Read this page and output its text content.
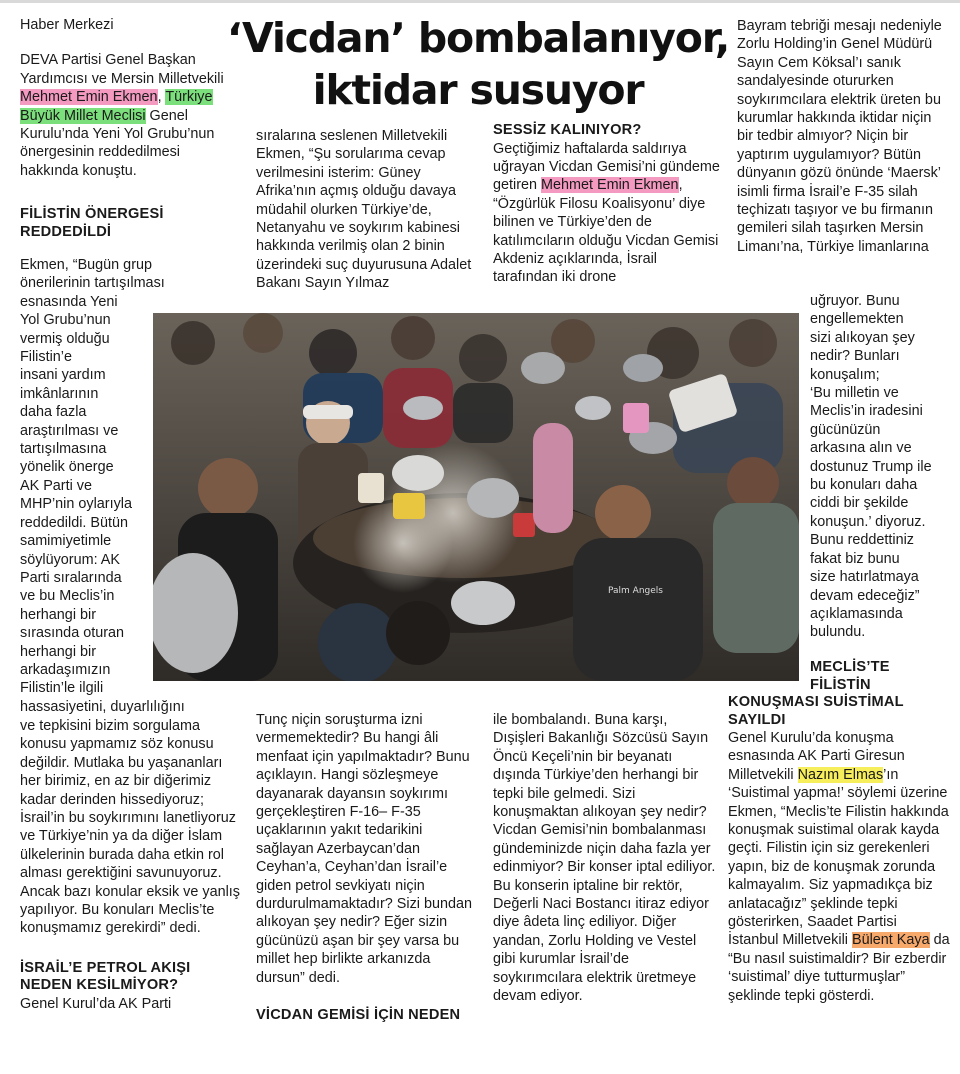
‘Vicdan’ bombalanıyor,
iktidar susuyor

Haber Merkezi

DEVA Partisi Genel Başkan Yardımcısı ve Mersin Milletvekili Mehmet Emin Ekmen, Türkiye Büyük Millet Meclisi Genel Kurulu’nda Yeni Yol Grubu’nun önergesinin reddedilmesi hakkında konuştu.

FİLİSTİN ÖNERGESİ
REDDEDİLDİ

Ekmen, “Bugün grup
önerilerinin tartışılması
esnasında Yeni
Yol Grubu’nun
vermiş olduğu
Filistin’e
insani yardım
imkânlarının
daha fazla
araştırılması ve
tartışılmasına
yönelik önerge
AK Parti ve
MHP’nin oylarıyla
reddedildi. Bütün
samimiyetimle
söylüyorum: AK
Parti sıralarında
ve bu Meclis’in
herhangi bir
sırasında oturan
herhangi bir
arkadaşımızın
Filistin’le ilgili
hassasiyetini, duyarlılığını

ve tepkisini bizim sorgulama konusu yapmamız söz konusu değildir. Mutlaka bu yaşananları her birimiz, en az bir diğerimiz kadar derinden hissediyoruz; İsrail’in bu soykırımını lanetliyoruz ve Türkiye’nin ya da diğer İslam ülkelerinin burada daha etkin rol alması gerektiğini savunuyoruz. Ancak bazı konular eksik ve yanlış yapılıyor. Bu konuları Meclis’te konuşmamız gerekirdi” dedi.

İSRAİL’E PETROL AKIŞI
NEDEN KESİLMİYOR?

Genel Kurul’da AK Parti

sıralarına seslenen Milletvekili Ekmen, “Şu sorularıma cevap verilmesini isterim: Güney Afrika’nın açmış olduğu davaya müdahil olurken Türkiye’de, Netanyahu ve soykırım kabinesi hakkında verilmiş olan 2 binin üzerindeki suç duyurusuna Adalet Bakanı Sayın Yılmaz

Tunç niçin soruşturma izni vermemektedir? Bu hangi âli menfaat için yapılmaktadır? Bunu açıklayın. Hangi sözleşmeye dayanarak dayansın soykırımı gerçekleştiren F-16– F-35 uçaklarının yakıt tedarikini sağlayan Azerbaycan’dan Ceyhan’a, Ceyhan’dan İsrail’e giden petrol sevkiyatı niçin durdurulmamaktadır? Sizi bundan alıkoyan şey nedir? Eğer sizin gücünüzü aşan bir şey varsa bu millet hep birlikte arkanızda dursun” dedi.

VİCDAN GEMİSİ İÇİN NEDEN

SESSİZ KALINIYOR?

Geçtiğimiz haftalarda saldırıya uğrayan Vicdan Gemisi’ni gündeme getiren Mehmet Emin Ekmen, “Özgürlük Filosu Koalisyonu’ diye bilinen ve Türkiye’den de katılımcıların olduğu Vicdan Gemisi Akdeniz açıklarında, İsrail tarafından iki drone

ile bombalandı. Buna karşı, Dışişleri Bakanlığı Sözcüsü Sayın Öncü Keçeli’nin bir beyanatı dışında Türkiye’den herhangi bir tepki bile gelmedi. Sizi konuşmaktan alıkoyan şey nedir? Vicdan Gemisi’nin bombalanması gündeminizde niçin daha fazla yer edinmiyor? Bir konser iptal ediliyor. Bu konserin iptaline bir rektör, Değerli Naci Bostancı itiraz ediyor diye âdeta linç ediliyor. Diğer yandan, Zorlu Holding ve Vestel gibi kurumlar İsrail’de soykırımcılara elektrik üretmeye devam ediyor.

Bayram tebriği mesajı nedeniyle Zorlu Holding’in Genel Müdürü Sayın Cem Köksal’ı sanık sandalyesinde otururken soykırımcılara elektrik üreten bu kurumlar hakkında iktidar niçin bir tedbir almıyor? Niçin bir yaptırım uygulamıyor? Bütün dünyanın gözü önünde ‘Maersk’ isimli firma İsrail’e F-35 silah teçhizatı taşıyor ve bu firmanın gemileri silah taşırken Mersin Limanı’na, Türkiye limanlarına

uğruyor. Bunu
engellemekten
sizi alıkoyan şey
nedir? Bunları
konuşalım;
‘Bu milletin ve
Meclis’in iradesini
gücünüzün
arkasına alın ve
dostunuz Trump ile
bu konuları daha
ciddi bir şekilde
konuşun.’ diyoruz.
Bunu reddettiniz
fakat biz bunu
size hatırlatmaya
devam edeceğiz”
açıklamasında
bulundu.

MECLİS’TE
FİLİSTİN
KONUŞMASI SUİSTİMAL
SAYILDI

Genel Kurulu’da konuşma esnasında AK Parti Giresun Milletvekili Nazım Elmas’ın ‘Suistimal yapma!’ söylemi üzerine Ekmen, “Meclis’te Filistin hakkında konuşmak suistimal olarak kayda geçti. Filistin için siz gerekenleri yapın, biz de konuşmak zorunda kalmayalım. Siz yapmadıkça biz anlatacağız” şeklinde tepki gösterirken, Saadet Partisi İstanbul Milletvekili Bülent Kaya da “Bu nasıl suistimaldir? Bir ezberdir ‘suistimal’ diye tutturmuşlar” şeklinde tepki gösterdi.

Palm Angels
